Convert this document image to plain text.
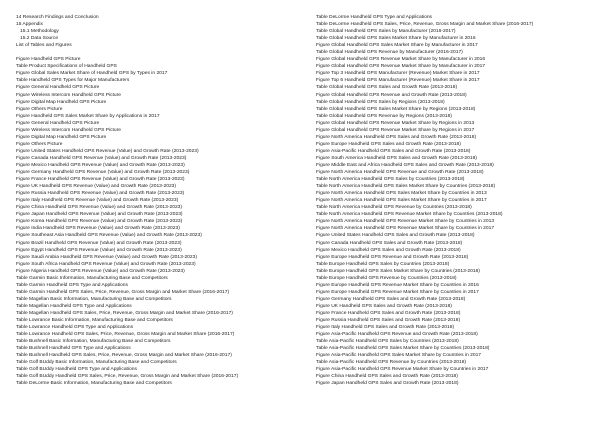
14 Research Findings and Conclusion
15 Appendix
15.1 Methodology
15.2 Data Source
List of Tables and Figures
Figure Handheld GPS Picture
Table Product Specifications of Handheld GPS
Figure Global Sales Market Share of Handheld GPS by Types in 2017
Table Handheld GPS Types for Major Manufacturers
Figure General Handheld GPS Picture
Figure Wireless Intercom Handheld GPS Picture
Figure Digital Map Handheld GPS Picture
Figure Others Picture
Figure Handheld GPS Sales Market Share by Applications in 2017
Figure General Handheld GPS Picture
Figure Wireless Intercom Handheld GPS Picture
Figure Digital Map Handheld GPS Picture
Figure Others Picture
Figure United States Handheld GPS Revenue (Value) and Growth Rate (2013-2023)
Figure Canada Handheld GPS Revenue (Value) and Growth Rate (2013-2023)
Figure Mexico Handheld GPS Revenue (Value) and Growth Rate (2013-2023)
Figure Germany Handheld GPS Revenue (Value) and Growth Rate (2013-2023)
Figure France Handheld GPS Revenue (Value) and Growth Rate (2013-2023)
Figure UK Handheld GPS Revenue (Value) and Growth Rate (2013-2023)
Figure Russia Handheld GPS Revenue (Value) and Growth Rate (2013-2023)
Figure Italy Handheld GPS Revenue (Value) and Growth Rate (2013-2023)
Figure China Handheld GPS Revenue (Value) and Growth Rate (2013-2023)
Figure Japan Handheld GPS Revenue (Value) and Growth Rate (2013-2023)
Figure Korea Handheld GPS Revenue (Value) and Growth Rate (2013-2023)
Figure India Handheld GPS Revenue (Value) and Growth Rate (2013-2023)
Figure Southeast Asia Handheld GPS Revenue (Value) and Growth Rate (2013-2023)
Figure Brazil Handheld GPS Revenue (Value) and Growth Rate (2013-2023)
Figure Egypt Handheld GPS Revenue (Value) and Growth Rate (2013-2023)
Figure Saudi Arabia Handheld GPS Revenue (Value) and Growth Rate (2013-2023)
Figure South Africa Handheld GPS Revenue (Value) and Growth Rate (2013-2023)
Figure Nigeria Handheld GPS Revenue (Value) and Growth Rate (2013-2023)
Table Garmin Basic Information, Manufacturing Base and Competitors
Table Garmin Handheld GPS Type and Applications
Table Garmin Handheld GPS Sales, Price, Revenue, Gross Margin and Market Share (2016-2017)
Table Magellan Basic Information, Manufacturing Base and Competitors
Table Magellan Handheld GPS Type and Applications
Table Magellan Handheld GPS Sales, Price, Revenue, Gross Margin and Market Share (2016-2017)
Table Lowrance Basic Information, Manufacturing Base and Competitors
Table Lowrance Handheld GPS Type and Applications
Table Lowrance Handheld GPS Sales, Price, Revenue, Gross Margin and Market Share (2016-2017)
Table Bushnell Basic Information, Manufacturing Base and Competitors
Table Bushnell Handheld GPS Type and Applications
Table Bushnell Handheld GPS Sales, Price, Revenue, Gross Margin and Market Share (2016-2017)
Table Golf BUddy Basic Information, Manufacturing Base and Competitors
Table Golf BUddy Handheld GPS Type and Applications
Table Golf BUddy Handheld GPS Sales, Price, Revenue, Gross Margin and Market Share (2016-2017)
Table DeLorme Basic Information, Manufacturing Base and Competitors
Table DeLorme Handheld GPS Type and Applications
Table DeLorme Handheld GPS Sales, Price, Revenue, Gross Margin and Market Share (2016-2017)
Table Global Handheld GPS Sales by Manufacturer (2016-2017)
Table Global Handheld GPS Sales Market Share by Manufacturer in 2016
Figure Global Handheld GPS Sales Market Share by Manufacturer in 2017
Table Global Handheld GPS Revenue by Manufacturer (2016-2017)
Figure Global Handheld GPS Revenue Market Share by Manufacturer in 2016
Figure Global Handheld GPS Revenue Market Share by Manufacturer in 2017
Figure Top 3 Handheld GPS Manufacturer (Revenue) Market Share in 2017
Figure Top 6 Handheld GPS Manufacturer (Revenue) Market Share in 2017
Table Global Handheld GPS Sales and Growth Rate (2013-2018)
Figure Global Handheld GPS Revenue and Growth Rate (2013-2018)
Table Global Handheld GPS Sales by Regions (2013-2018)
Table Global Handheld GPS Sales Market Share by Regions (2013-2018)
Table Global Handheld GPS Revenue by Regions (2013-2018)
Figure Global Handheld GPS Revenue Market Share by Regions in 2013
Figure Global Handheld GPS Revenue Market Share by Regions in 2017
Figure North America Handheld GPS Sales and Growth Rate (2013-2018)
Figure Europe Handheld GPS Sales and Growth Rate (2013-2018)
Figure Asia-Pacific Handheld GPS Sales and Growth Rate (2013-2018)
Figure South America Handheld GPS Sales and Growth Rate (2013-2018)
Figure Middle East and Africa Handheld GPS Sales and Growth Rate (2013-2018)
Figure North America Handheld GPS Revenue and Growth Rate (2013-2018)
Table North America Handheld GPS Sales by Countries (2013-2018)
Table North America Handheld GPS Sales Market Share by Countries (2013-2018)
Figure North America Handheld GPS Sales Market Share by Countries in 2013
Figure North America Handheld GPS Sales Market Share by Countries in 2017
Table North America Handheld GPS Revenue by Countries (2013-2018)
Table North America Handheld GPS Revenue Market Share by Countries (2013-2018)
Figure North America Handheld GPS Revenue Market Share by Countries in 2013
Figure North America Handheld GPS Revenue Market Share by Countries in 2017
Figure United States Handheld GPS Sales and Growth Rate (2013-2018)
Figure Canada Handheld GPS Sales and Growth Rate (2013-2018)
Figure Mexico Handheld GPS Sales and Growth Rate (2013-2018)
Figure Europe Handheld GPS Revenue and Growth Rate (2013-2018)
Table Europe Handheld GPS Sales by Countries (2013-2018)
Table Europe Handheld GPS Sales Market Share by Countries (2013-2018)
Table Europe Handheld GPS Revenue by Countries (2013-2018)
Figure Europe Handheld GPS Revenue Market Share by Countries in 2016
Figure Europe Handheld GPS Revenue Market Share by Countries in 2017
Figure Germany Handheld GPS Sales and Growth Rate (2013-2018)
Figure UK Handheld GPS Sales and Growth Rate (2013-2018)
Figure France Handheld GPS Sales and Growth Rate (2013-2018)
Figure Russia Handheld GPS Sales and Growth Rate (2013-2018)
Figure Italy Handheld GPS Sales and Growth Rate (2013-2018)
Figure Asia-Pacific Handheld GPS Revenue and Growth Rate (2013-2018)
Table Asia-Pacific Handheld GPS Sales by Countries (2013-2018)
Table Asia-Pacific Handheld GPS Sales Market Share by Countries (2013-2018)
Figure Asia-Pacific Handheld GPS Sales Market Share by Countries in 2017
Table Asia-Pacific Handheld GPS Revenue by Countries (2013-2018)
Figure Asia-Pacific Handheld GPS Revenue Market Share by Countries in 2017
Figure China Handheld GPS Sales and Growth Rate (2013-2018)
Figure Japan Handheld GPS Sales and Growth Rate (2013-2018)
